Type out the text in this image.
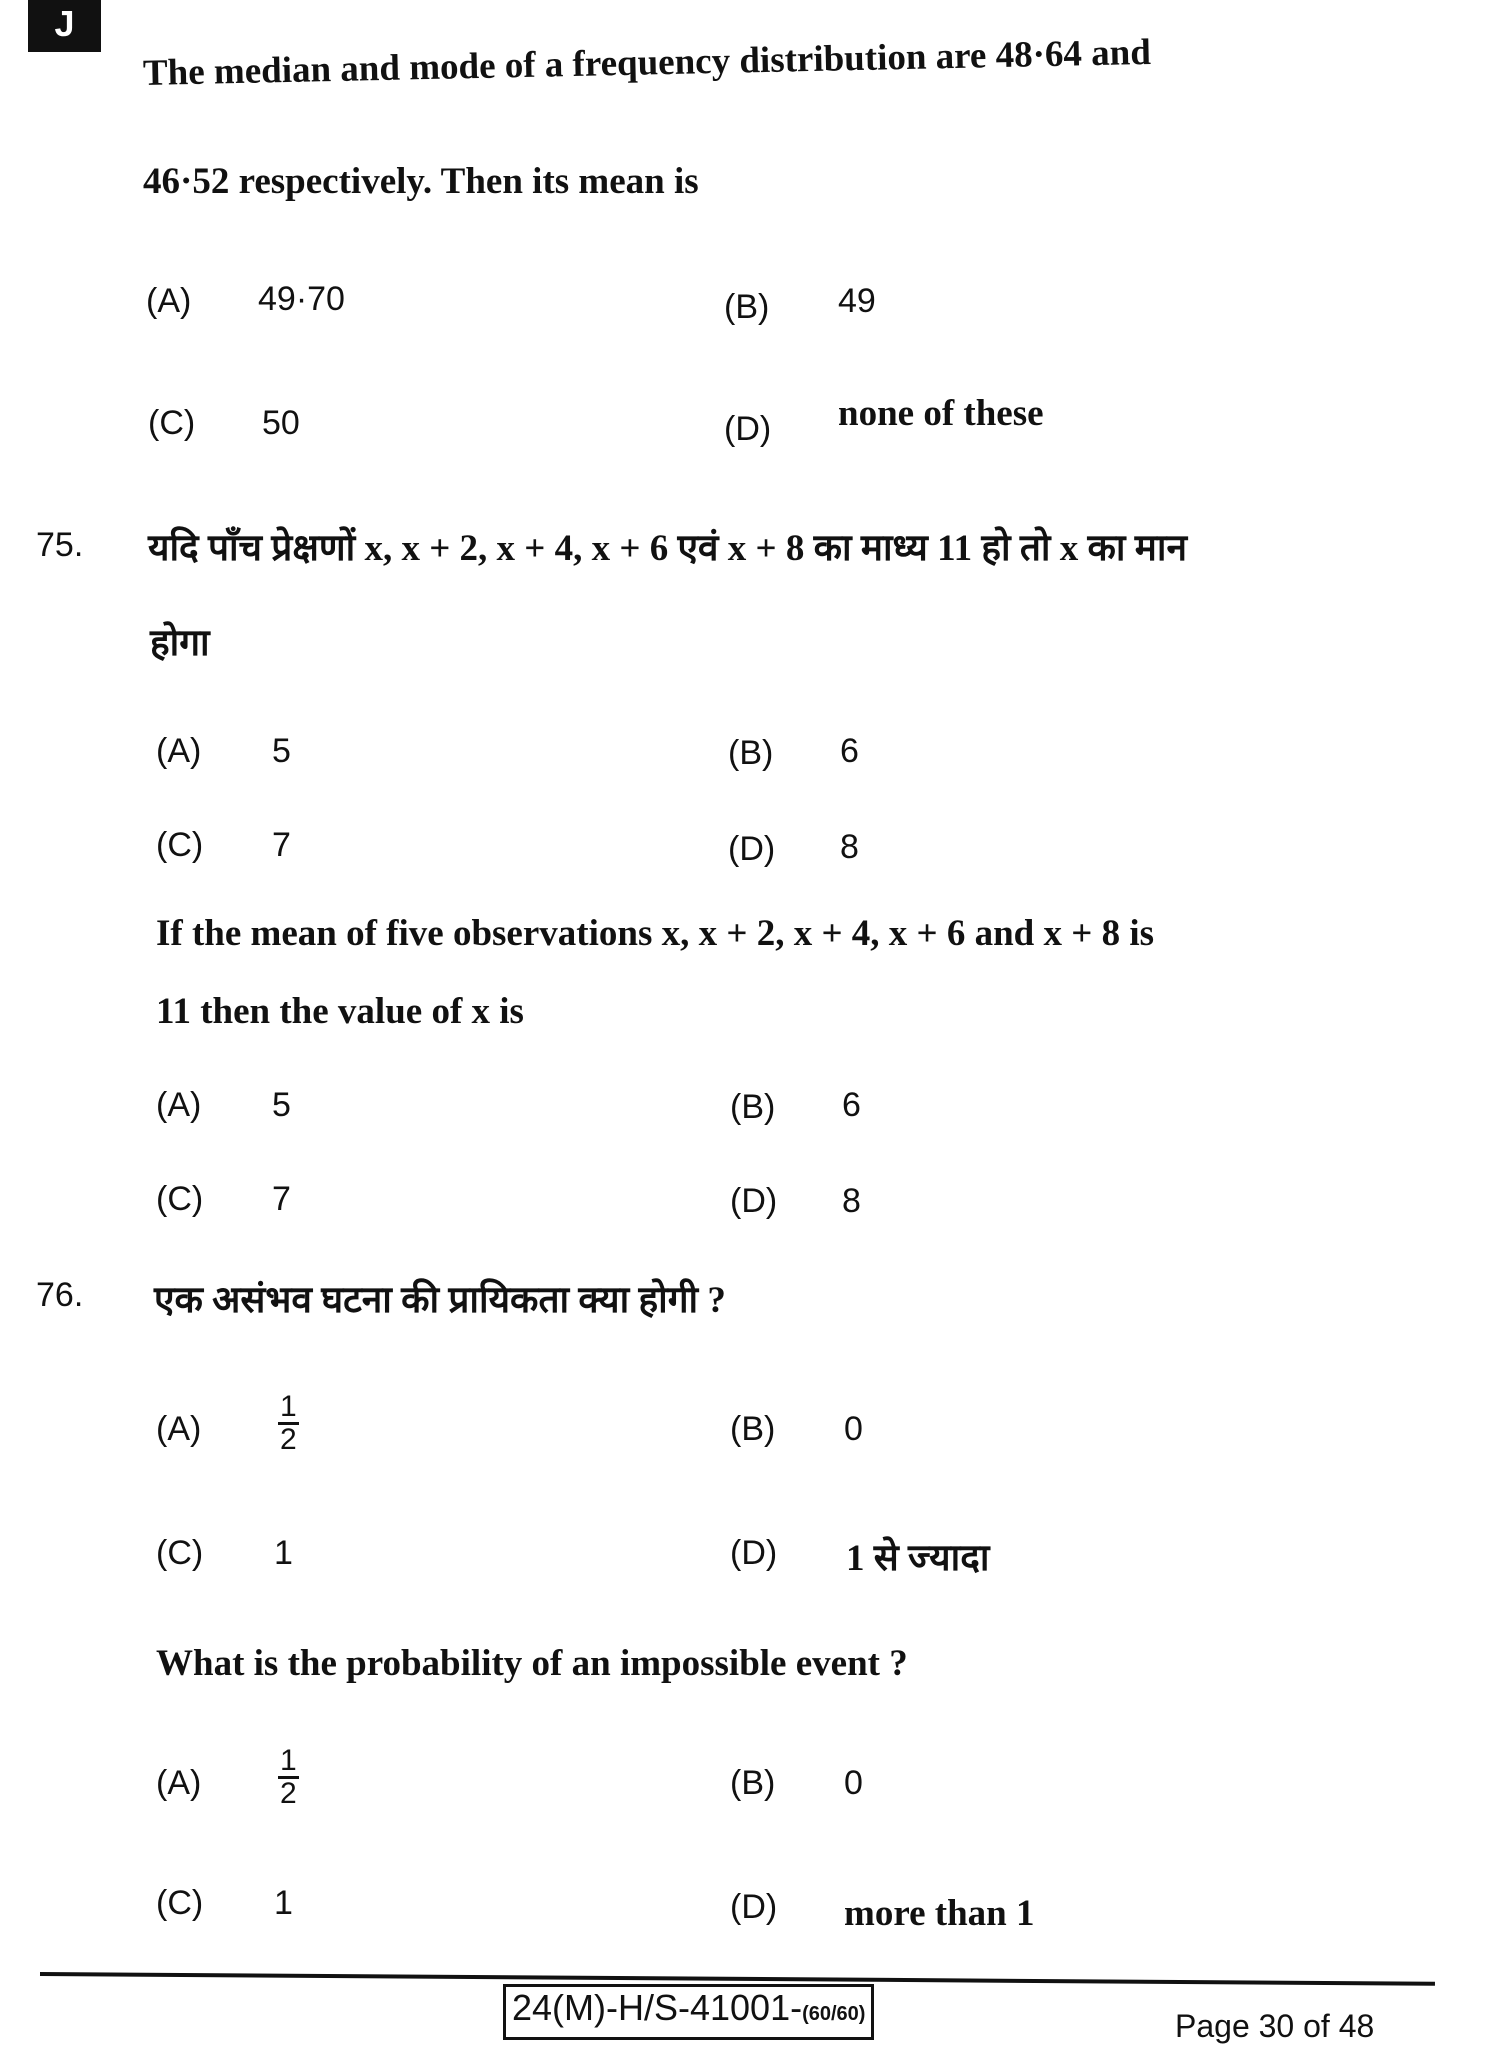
J
The median and mode of a frequency distribution are 48·64 and
46·52 respectively. Then its mean is
(A) 49·70	(B) 49
(C) 50	(D) none of these
75. यदि पाँच प्रेक्षणों x, x + 2, x + 4, x + 6 एवं x + 8 का माध्य 11 हो तो x का मान
होगा
(A) 5	(B) 6
(C) 7	(D) 8
If the mean of five observations x, x + 2, x + 4, x + 6 and x + 8 is
11 then the value of x is
(A) 5	(B) 6
(C) 7	(D) 8
76. एक असंभव घटना की प्रायिकता क्या होगी ?
(A)	$\frac{1}{2}$	(B) 0
(C) 1	(D) 1 से ज्यादा
What is the probability of an impossible event ?
(A)	$\frac{1}{2}$	(B) 0
(C) 1	(D) more than 1
24(M)-H/S-41001-(60/60)	Page 30 of 48
